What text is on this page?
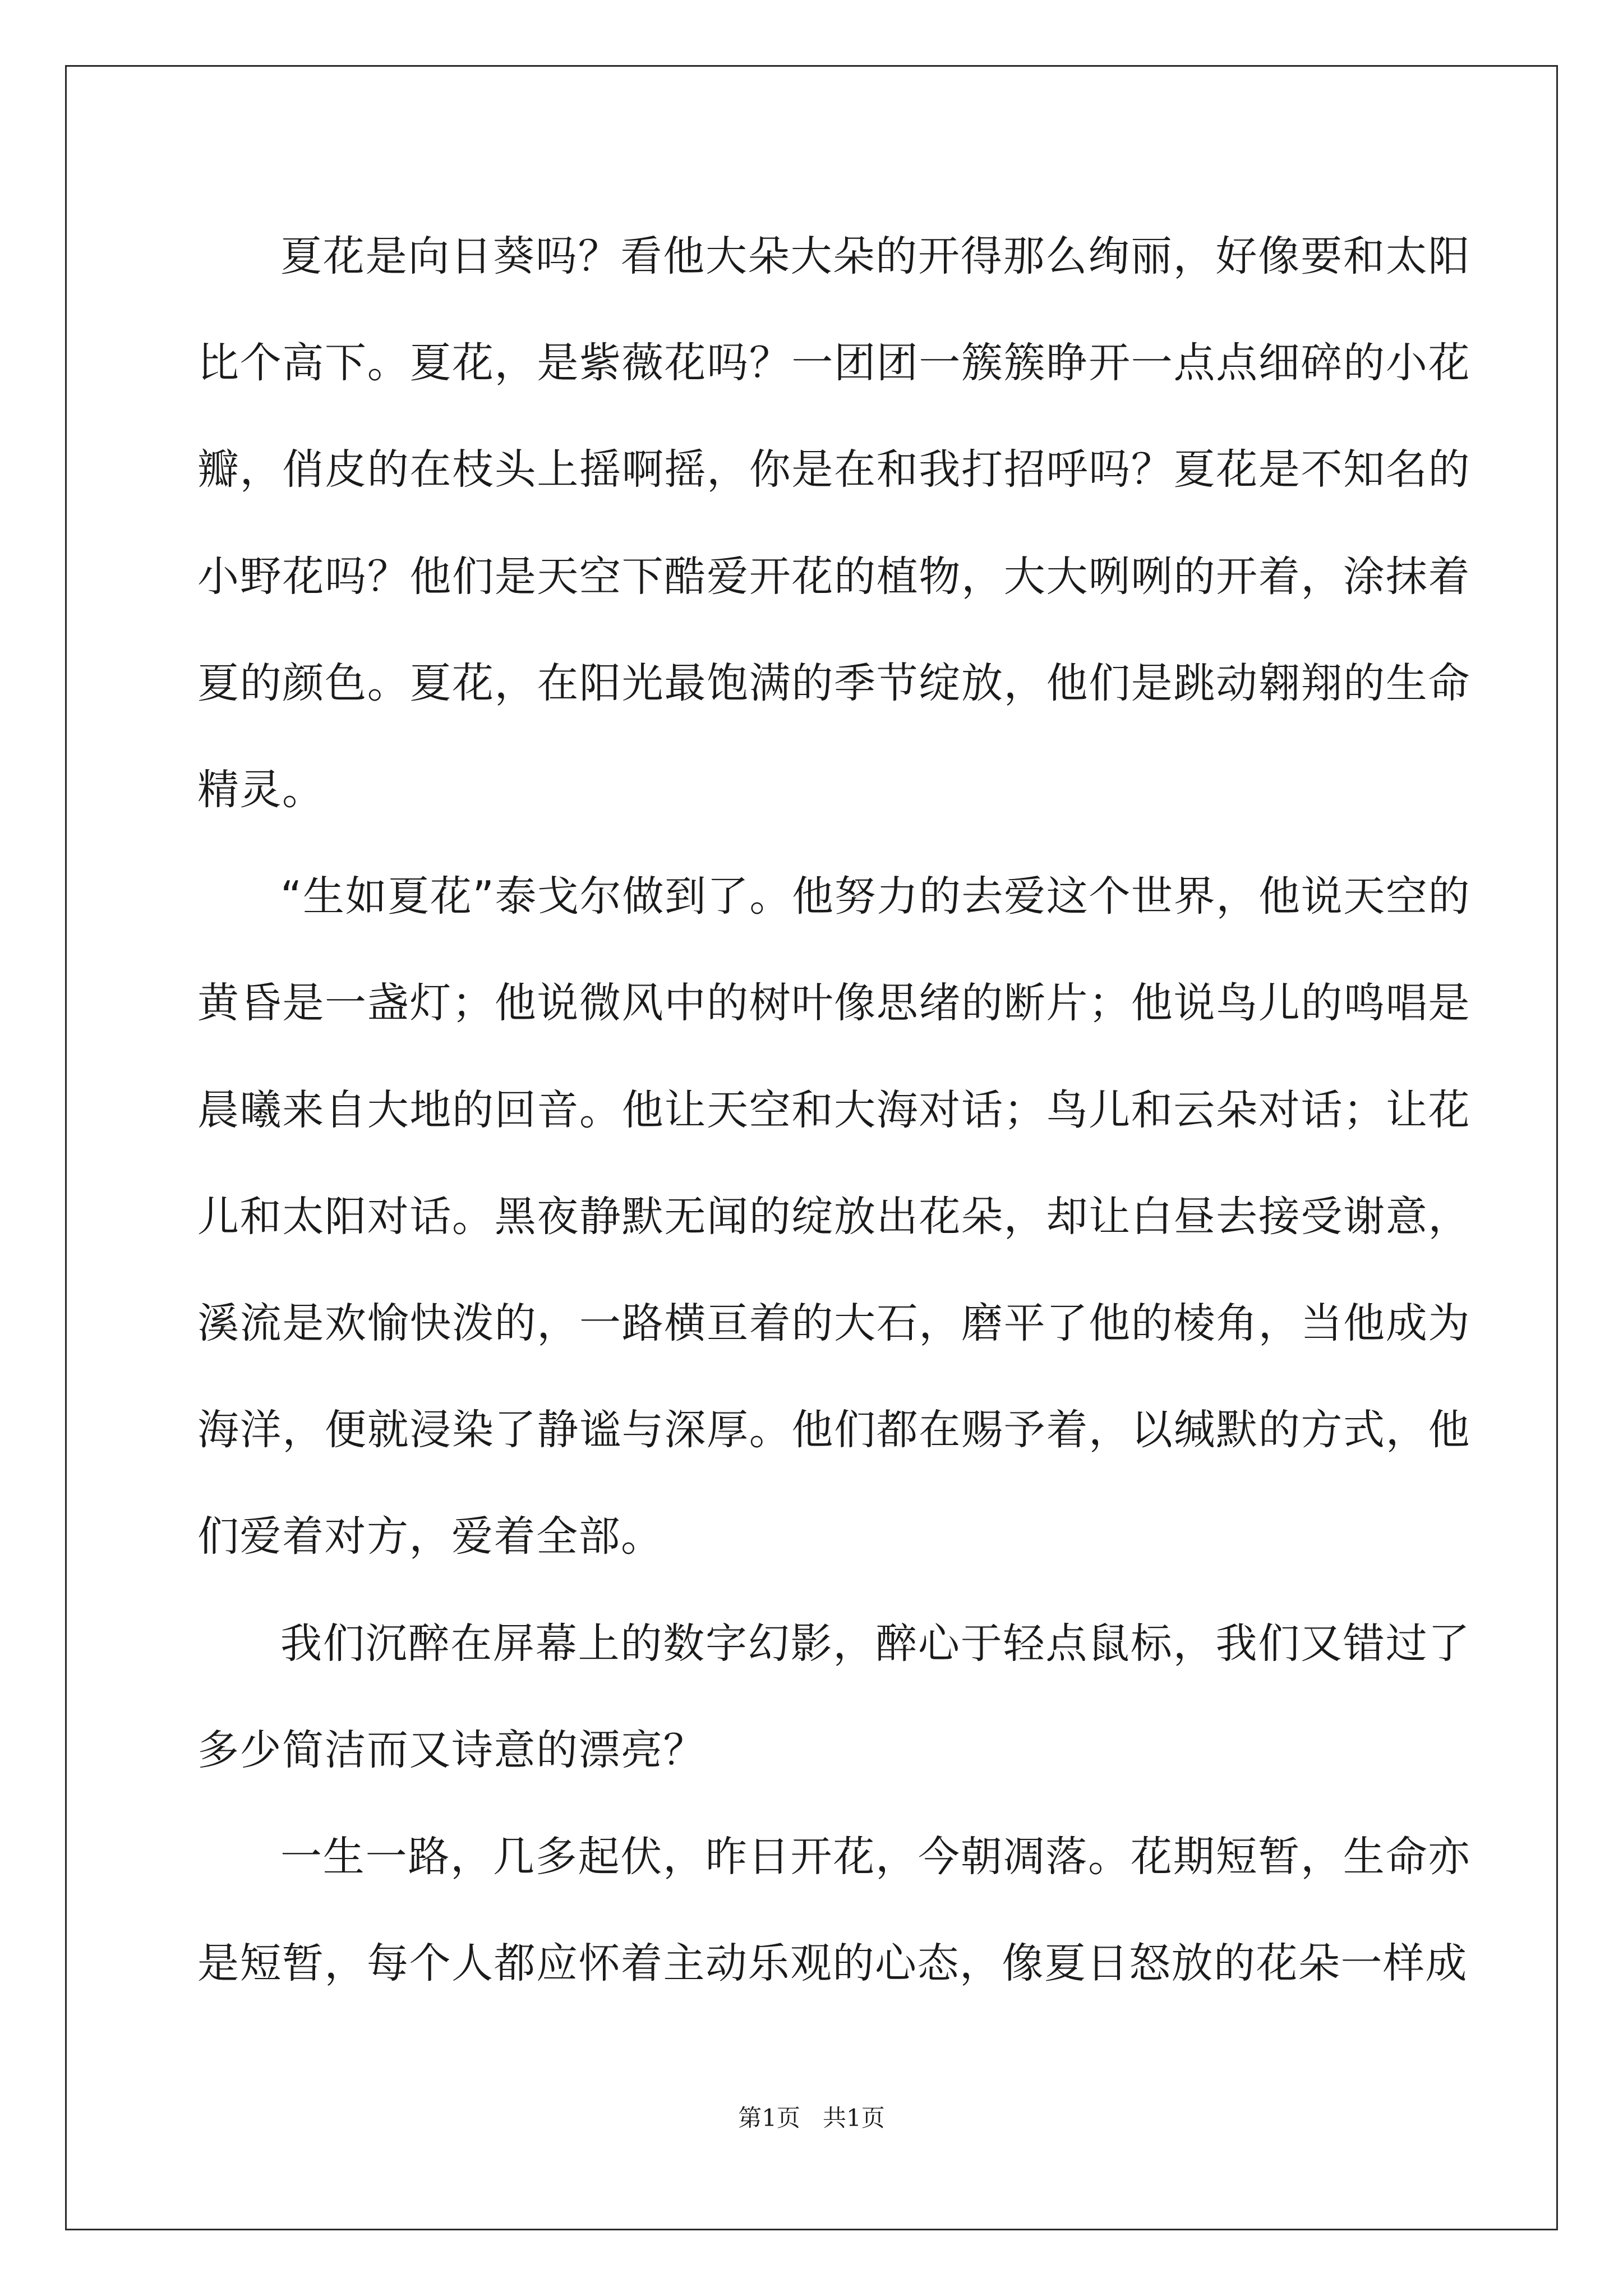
夏花是向日葵吗？看他大朵大朵的开得那么绚丽，好像要和太阳比个高下。夏花，是紫薇花吗？一团团一簇簇睁开一点点细碎的小花瓣，俏皮的在枝头上摇啊摇，你是在和我打招呼吗？夏花是不知名的小野花吗？他们是天空下酷爱开花的植物，大大咧咧的开着，涂抹着夏的颜色。夏花，在阳光最饱满的季节绽放，他们是跳动翱翔的生命精灵。

“生如夏花”泰戈尔做到了。他努力的去爱这个世界，他说天空的黄昏是一盏灯；他说微风中的树叶像思绪的断片；他说鸟儿的鸣唱是晨曦来自大地的回音。他让天空和大海对话；鸟儿和云朵对话；让花儿和太阳对话。黑夜静默无闻的绽放出花朵，却让白昼去接受谢意，溪流是欢愉快泼的，一路横亘着的大石，磨平了他的棱角，当他成为海洋，便就浸染了静谧与深厚。他们都在赐予着，以缄默的方式，他们爱着对方，爱着全部。

我们沉醉在屏幕上的数字幻影，醉心于轻点鼠标，我们又错过了多少简洁而又诗意的漂亮？

一生一路，几多起伏，昨日开花，今朝凋落。花期短暂，生命亦是短暂，每个人都应怀着主动乐观的心态，像夏日怒放的花朵一样成

第1页   共1页
